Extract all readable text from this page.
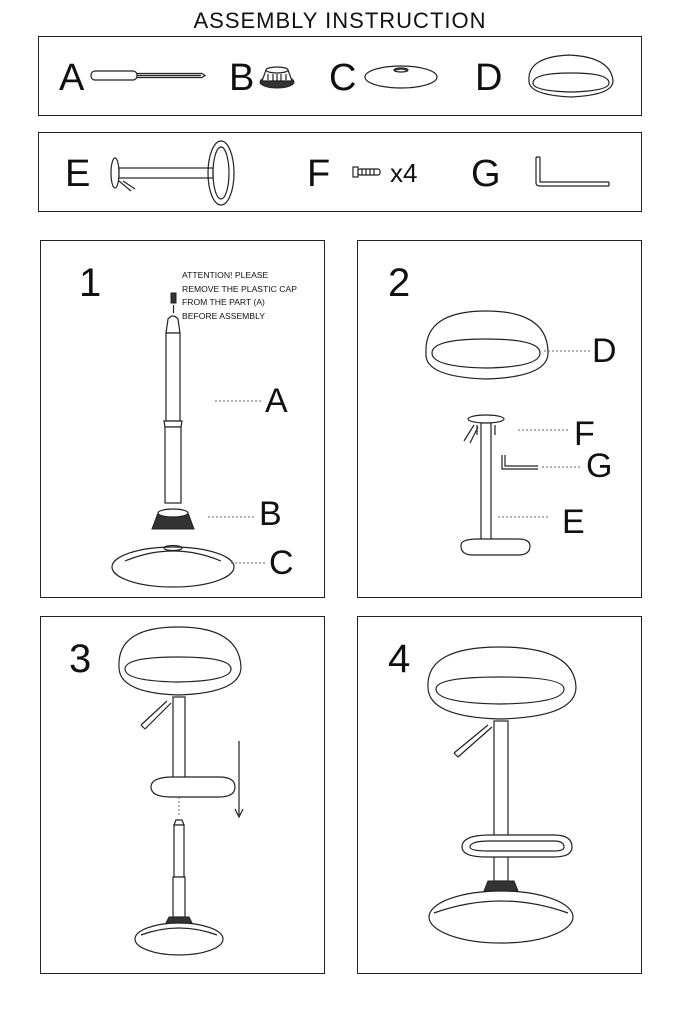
ASSEMBLY INSTRUCTION
A	B C	D
E	F x4 G
1	ATTENTION! PLEASE
REMOVE THE PLASTIC CAP
FROM THE PART (A)
BEFORE ASSEMBLY
A
B
C
2
D
F
G
E
3	4
